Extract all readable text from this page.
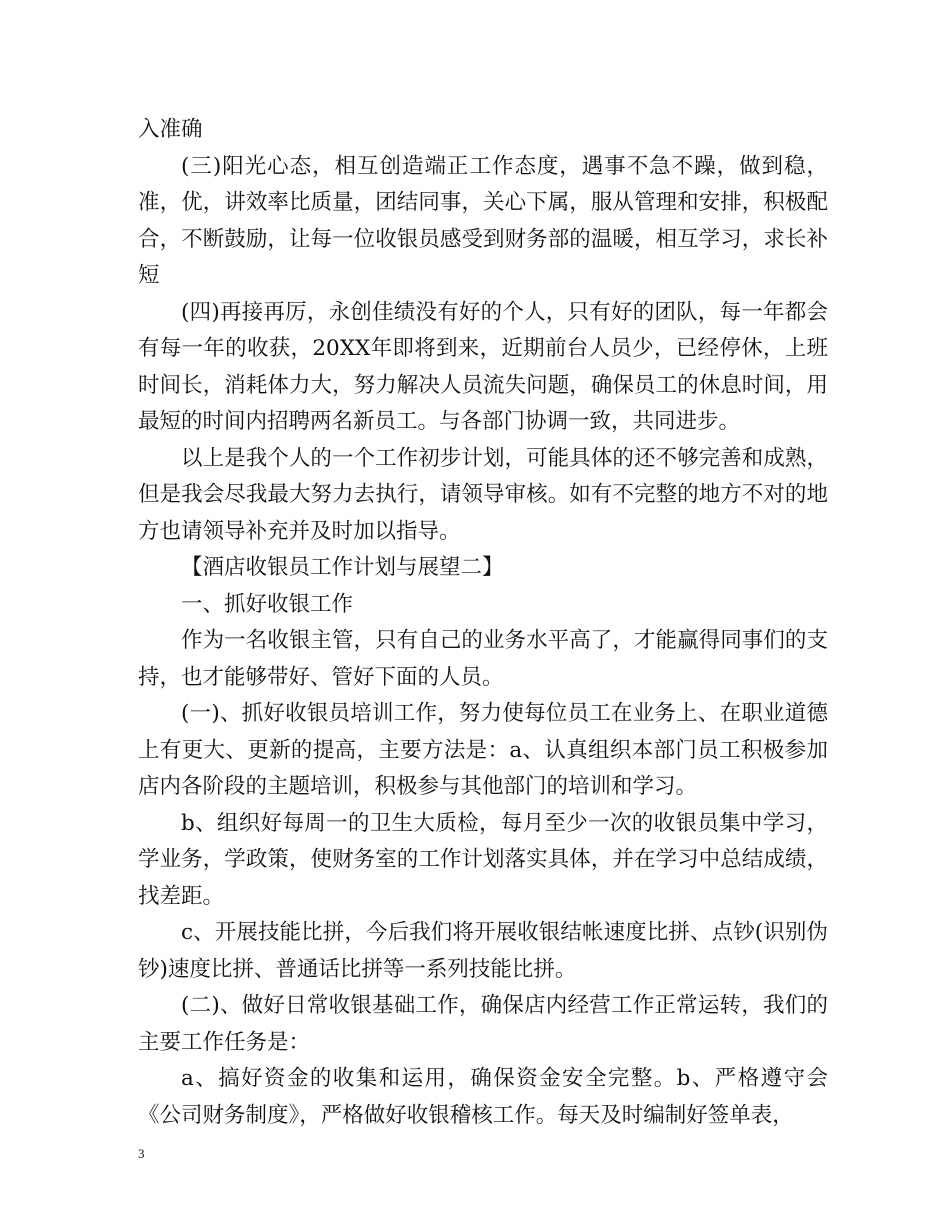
入准确

(三)阳光心态，相互创造端正工作态度，遇事不急不躁，做到稳，准，优，讲效率比质量，团结同事，关心下属，服从管理和安排，积极配合，不断鼓励，让每一位收银员感受到财务部的温暖，相互学习，求长补短

(四)再接再厉，永创佳绩没有好的个人，只有好的团队，每一年都会有每一年的收获，20XX年即将到来，近期前台人员少，已经停休，上班时间长，消耗体力大，努力解决人员流失问题，确保员工的休息时间，用最短的时间内招聘两名新员工。与各部门协调一致，共同进步。

以上是我个人的一个工作初步计划，可能具体的还不够完善和成熟，但是我会尽我最大努力去执行，请领导审核。如有不完整的地方不对的地方也请领导补充并及时加以指导。

【酒店收银员工作计划与展望二】

一、抓好收银工作

作为一名收银主管，只有自己的业务水平高了，才能赢得同事们的支持，也才能够带好、管好下面的人员。

(一)、抓好收银员培训工作，努力使每位员工在业务上、在职业道德上有更大、更新的提高，主要方法是：a、认真组织本部门员工积极参加店内各阶段的主题培训，积极参与其他部门的培训和学习。

b、组织好每周一的卫生大质检，每月至少一次的收银员集中学习，学业务，学政策，使财务室的工作计划落实具体，并在学习中总结成绩，找差距。

c、开展技能比拼，今后我们将开展收银结帐速度比拼、点钞(识别伪钞)速度比拼、普通话比拼等一系列技能比拼。

(二)、做好日常收银基础工作，确保店内经营工作正常运转，我们的主要工作任务是：

a、搞好资金的收集和运用，确保资金安全完整。b、严格遵守会《公司财务制度》，严格做好收银稽核工作。每天及时编制好签单表，

3
